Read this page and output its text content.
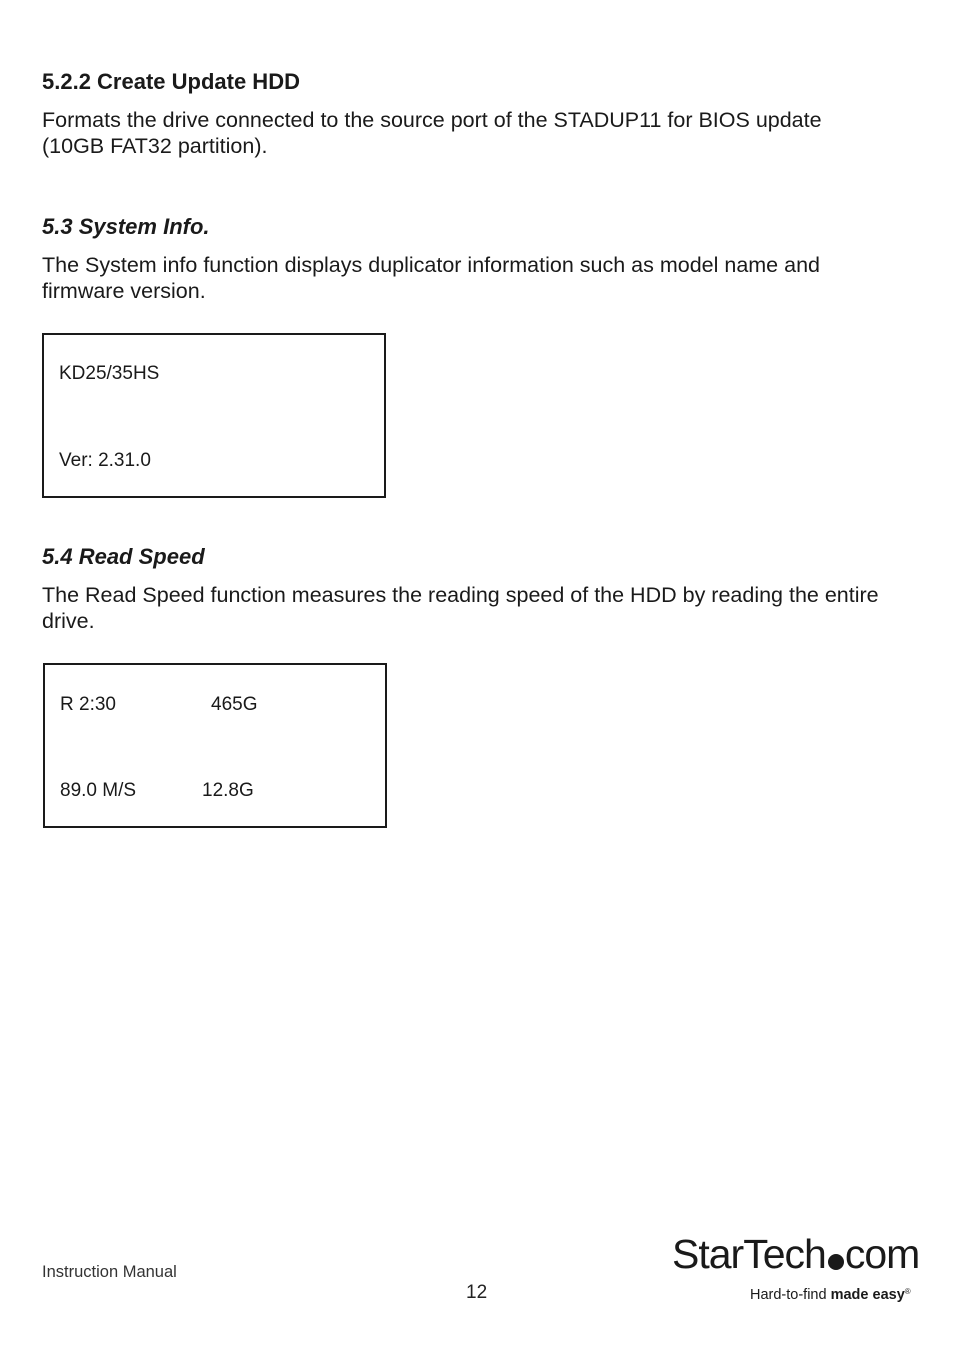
5.2.2 Create Update HDD

Formats the drive connected to the source port of the STADUP11 for BIOS update (10GB FAT32 partition).

5.3 System Info.

The System info function displays duplicator information such as model name and firmware version.

KD25/35HS
Ver: 2.31.0
5.4 Read Speed

The Read Speed function measures the reading speed of the HDD by reading the entire drive.

R 2:30	465G
89.0 M/S	12.8G
Instruction Manual
12
StarTech com
Hard-to-find made easy®
